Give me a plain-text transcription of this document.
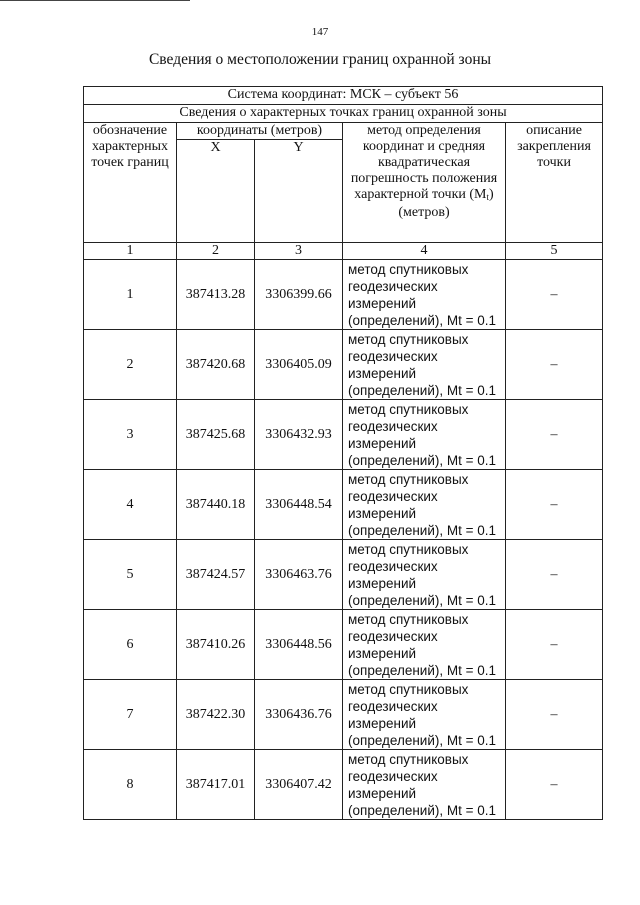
147
Сведения о местоположении границ охранной зоны
Система координат: МСК – субъект 56				
Сведения о характерных точках границ охранной зоны				
обозначение характерных точек границ	координаты (метров)		метод определения координат и средняя квадратическая погрешность положения характерной точки $(M_t)$ (метров)	описание закрепления точки
	X	Y		
1	2	3	4	5
1	387413.28	3306399.66	метод спутниковых геодезических измерений (определений), Mt = 0.1	–
2	387420.68	3306405.09	метод спутниковых геодезических измерений (определений), Mt = 0.1	–
3	387425.68	3306432.93	метод спутниковых геодезических измерений (определений), Mt = 0.1	–
4	387440.18	3306448.54	метод спутниковых геодезических измерений (определений), Mt = 0.1	–
5	387424.57	3306463.76	метод спутниковых геодезических измерений (определений), Mt = 0.1	–
6	387410.26	3306448.56	метод спутниковых геодезических измерений (определений), Mt = 0.1	–
7	387422.30	3306436.76	метод спутниковых геодезических измерений (определений), Mt = 0.1	–
8	387417.01	3306407.42	метод спутниковых геодезических измерений (определений), Mt = 0.1	–
